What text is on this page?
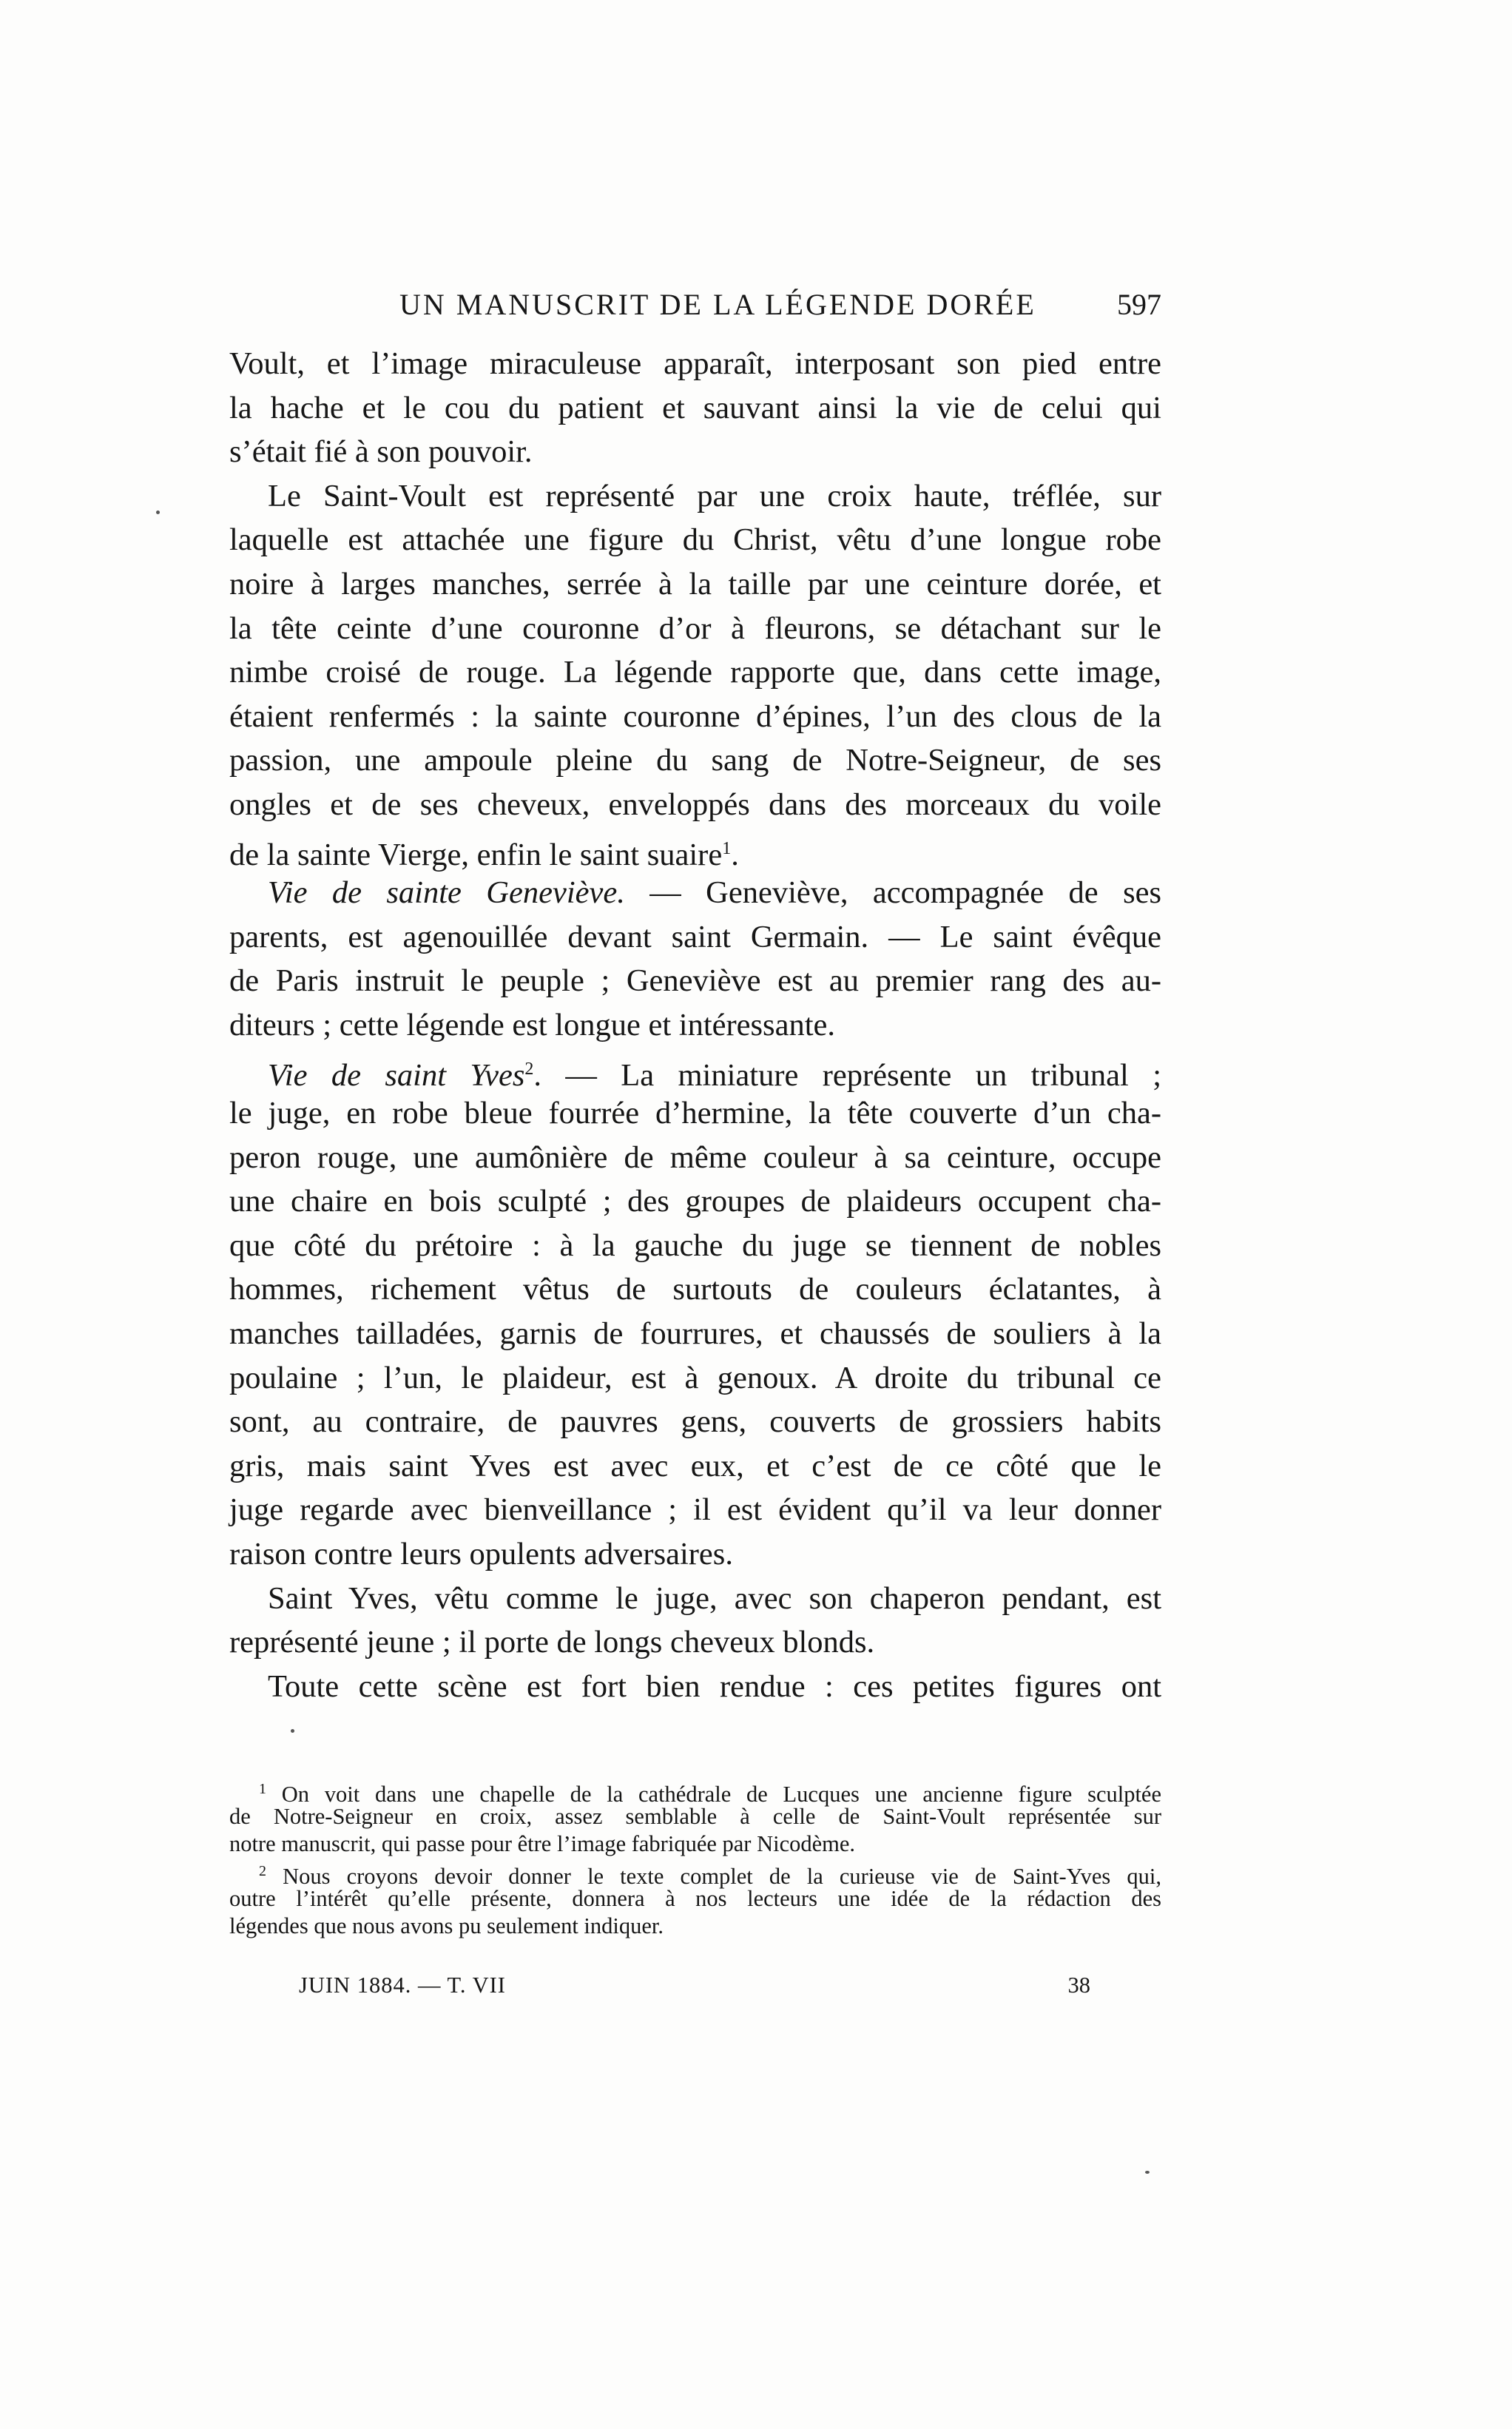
UN MANUSCRIT DE LA LÉGENDE DORÉE	597
Voult, et l’image miraculeuse apparaît, interposant son pied entre
la hache et le cou du patient et sauvant ainsi la vie de celui qui
s’était fié à son pouvoir.
Le Saint-Voult est représenté par une croix haute, tréflée, sur
laquelle est attachée une figure du Christ, vêtu d’une longue robe
noire à larges manches, serrée à la taille par une ceinture dorée, et
la tête ceinte d’une couronne d’or à fleurons, se détachant sur le
nimbe croisé de rouge. La légende rapporte que, dans cette image,
étaient renfermés : la sainte couronne d’épines, l’un des clous de la
passion, une ampoule pleine du sang de Notre-Seigneur, de ses
ongles et de ses cheveux, enveloppés dans des morceaux du voile
de la sainte Vierge, enfin le saint suaire$^1$.
Vie de sainte Geneviève. — Geneviève, accompagnée de ses
parents, est agenouillée devant saint Germain. — Le saint évêque
de Paris instruit le peuple ; Geneviève est au premier rang des au-
diteurs ; cette légende est longue et intéressante.
Vie de saint Yves$^2$. — La miniature représente un tribunal ;
le juge, en robe bleue fourrée d’hermine, la tête couverte d’un cha-
peron rouge, une aumônière de même couleur à sa ceinture, occupe
une chaire en bois sculpté ; des groupes de plaideurs occupent cha-
que côté du prétoire : à la gauche du juge se tiennent de nobles
hommes, richement vêtus de surtouts de couleurs éclatantes, à
manches tailladées, garnis de fourrures, et chaussés de souliers à la
poulaine ; l’un, le plaideur, est à genoux. A droite du tribunal ce
sont, au contraire, de pauvres gens, couverts de grossiers habits
gris, mais saint Yves est avec eux, et c’est de ce côté que le
juge regarde avec bienveillance ; il est évident qu’il va leur donner
raison contre leurs opulents adversaires.
Saint Yves, vêtu comme le juge, avec son chaperon pendant, est
représenté jeune ; il porte de longs cheveux blonds.
Toute cette scène est fort bien rendue : ces petites figures ont
$^1$ On voit dans une chapelle de la cathédrale de Lucques une ancienne figure sculptée
de Notre-Seigneur en croix, assez semblable à celle de Saint-Voult représentée sur
notre manuscrit, qui passe pour être l’image fabriquée par Nicodème.
$^2$ Nous croyons devoir donner le texte complet de la curieuse vie de Saint-Yves qui,
outre l’intérêt qu’elle présente, donnera à nos lecteurs une idée de la rédaction des
légendes que nous avons pu seulement indiquer.
JUIN 1884. — T. VII	38
